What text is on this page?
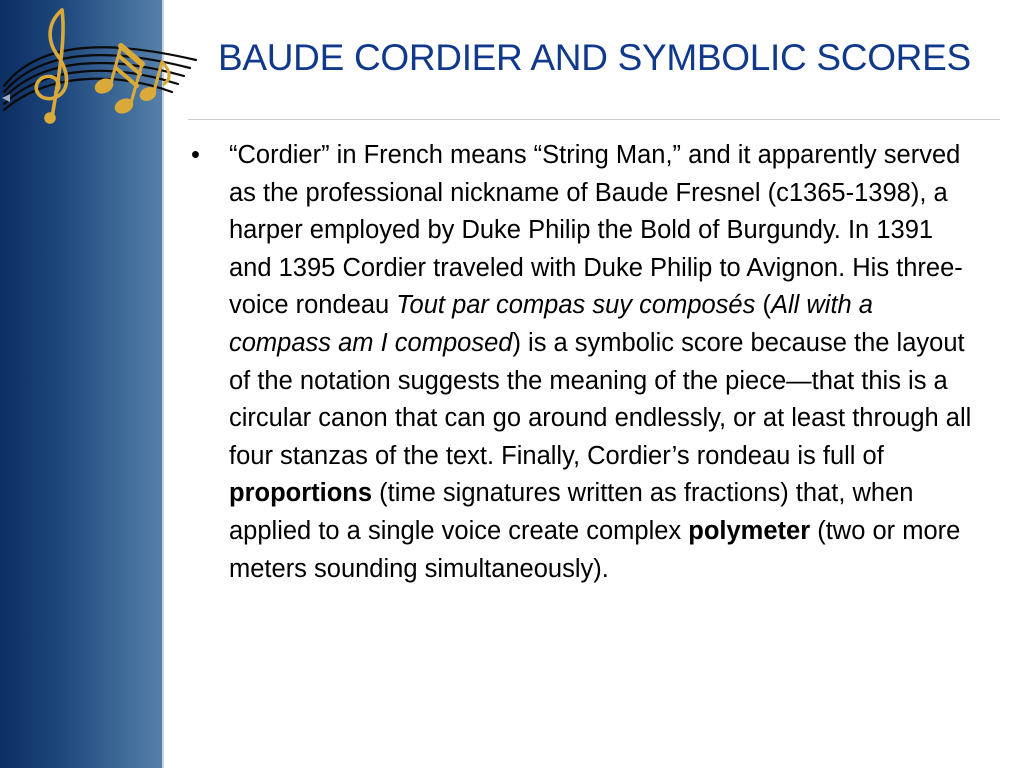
BAUDE CORDIER AND SYMBOLIC SCORES
•	“Cordier” in French means “String Man,” and it apparently served as the professional nickname of Baude Fresnel (c1365-1398), a harper employed by Duke Philip the Bold of Burgundy. In 1391 and 1395 Cordier traveled with Duke Philip to Avignon. His three-voice rondeau Tout par compas suy composés (All with a compass am I composed) is a symbolic score because the layout of the notation suggests the meaning of the piece—that this is a circular canon that can go around endlessly, or at least through all four stanzas of the text. Finally, Cordier’s rondeau is full of proportions (time signatures written as fractions) that, when applied to a single voice create complex polymeter (two or more meters sounding simultaneously).
